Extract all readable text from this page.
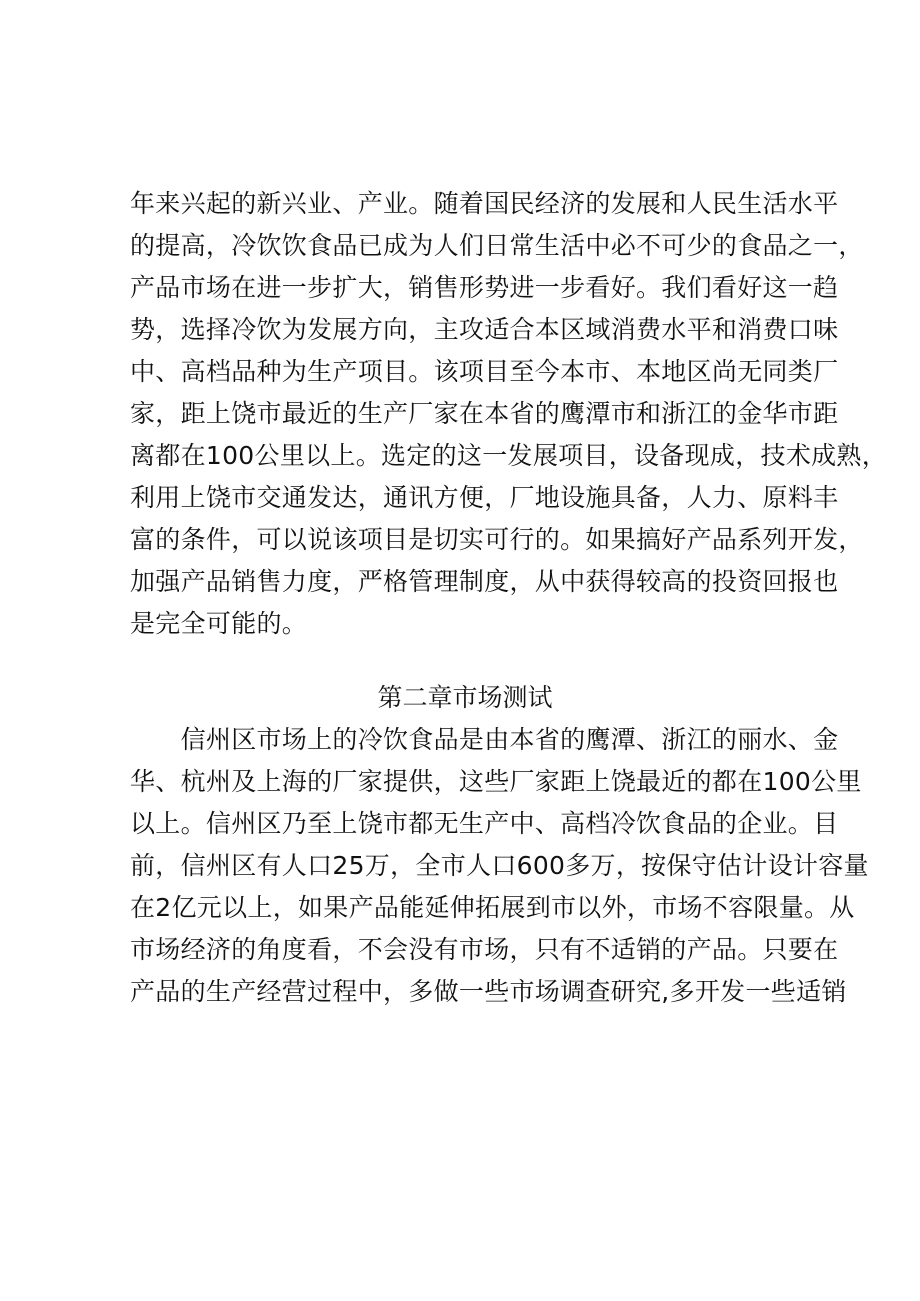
年来兴起的新兴业、产业。随着国民经济的发展和人民生活水平
的提高，冷饮饮食品已成为人们日常生活中必不可少的食品之一，
产品市场在进一步扩大，销售形势进一步看好。我们看好这一趋
势，选择冷饮为发展方向，主攻适合本区域消费水平和消费口味
中、高档品种为生产项目。该项目至今本市、本地区尚无同类厂
家，距上饶市最近的生产厂家在本省的鹰潭市和浙江的金华市距
离都在100公里以上。选定的这一发展项目，设备现成，技术成熟，
利用上饶市交通发达，通讯方便，厂地设施具备，人力、原料丰
富的条件，可以说该项目是切实可行的。如果搞好产品系列开发，
加强产品销售力度，严格管理制度，从中获得较高的投资回报也
是完全可能的。
第二章市场测试
　　信州区市场上的冷饮食品是由本省的鹰潭、浙江的丽水、金
华、杭州及上海的厂家提供，这些厂家距上饶最近的都在100公里
以上。信州区乃至上饶市都无生产中、高档冷饮食品的企业。目
前，信州区有人口25万，全市人口600多万，按保守估计设计容量
在2亿元以上，如果产品能延伸拓展到市以外，市场不容限量。从
市场经济的角度看，不会没有市场，只有不适销的产品。只要在
产品的生产经营过程中，多做一些市场调查研究,多开发一些适销
